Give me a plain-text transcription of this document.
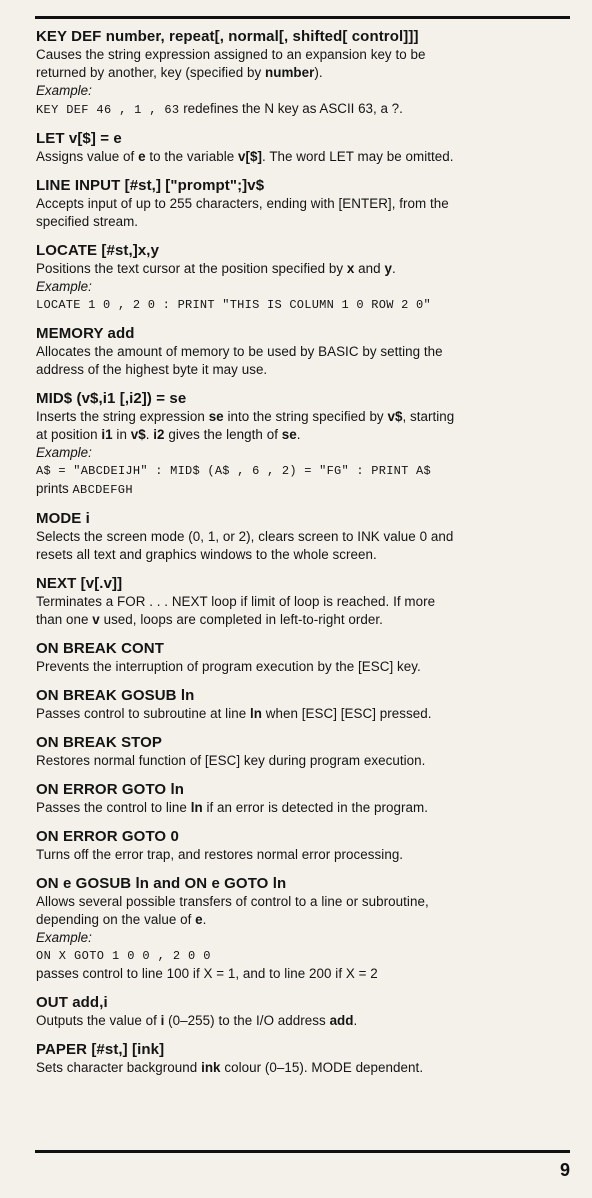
KEY DEF number, repeat[, normal[, shifted[ control]]]
Causes the string expression assigned to an expansion key to be
returned by another, key (specified by number).
Example:
KEY DEF 46 , 1 , 63 redefines the N key as ASCII 63, a ?.
LET v[$] = e
Assigns value of e to the variable v[$]. The word LET may be omitted.
LINE INPUT [#st,] ["prompt";]v$
Accepts input of up to 255 characters, ending with [ENTER], from the
specified stream.
LOCATE [#st,]x,y
Positions the text cursor at the position specified by x and y.
Example:
LOCATE 1 0 , 2 0 : PRINT "THIS IS COLUMN 1 0 ROW 2 0"
MEMORY add
Allocates the amount of memory to be used by BASIC by setting the
address of the highest byte it may use.
MID$ (v$,i1 [,i2]) = se
Inserts the string expression se into the string specified by v$, starting
at position i1 in v$. i2 gives the length of se.
Example:
A$ = "ABCDEIJH" : MID$ (A$ , 6 , 2) = "FG" : PRINT A$
prints ABCDEFGH
MODE i
Selects the screen mode (0, 1, or 2), clears screen to INK value 0 and
resets all text and graphics windows to the whole screen.
NEXT [v[.v]]
Terminates a FOR . . . NEXT loop if limit of loop is reached. If more
than one v used, loops are completed in left-to-right order.
ON BREAK CONT
Prevents the interruption of program execution by the [ESC] key.
ON BREAK GOSUB ln
Passes control to subroutine at line ln when [ESC] [ESC] pressed.
ON BREAK STOP
Restores normal function of [ESC] key during program execution.
ON ERROR GOTO ln
Passes the control to line ln if an error is detected in the program.
ON ERROR GOTO 0
Turns off the error trap, and restores normal error processing.
ON e GOSUB ln and ON e GOTO ln
Allows several possible transfers of control to a line or subroutine,
depending on the value of e.
Example:
ON X GOTO 1 0 0 , 2 0 0
passes control to line 100 if X = 1, and to line 200 if X = 2
OUT add,i
Outputs the value of i (0–255) to the I/O address add.
PAPER [#st,] [ink]
Sets character background ink colour (0–15). MODE dependent.
9
